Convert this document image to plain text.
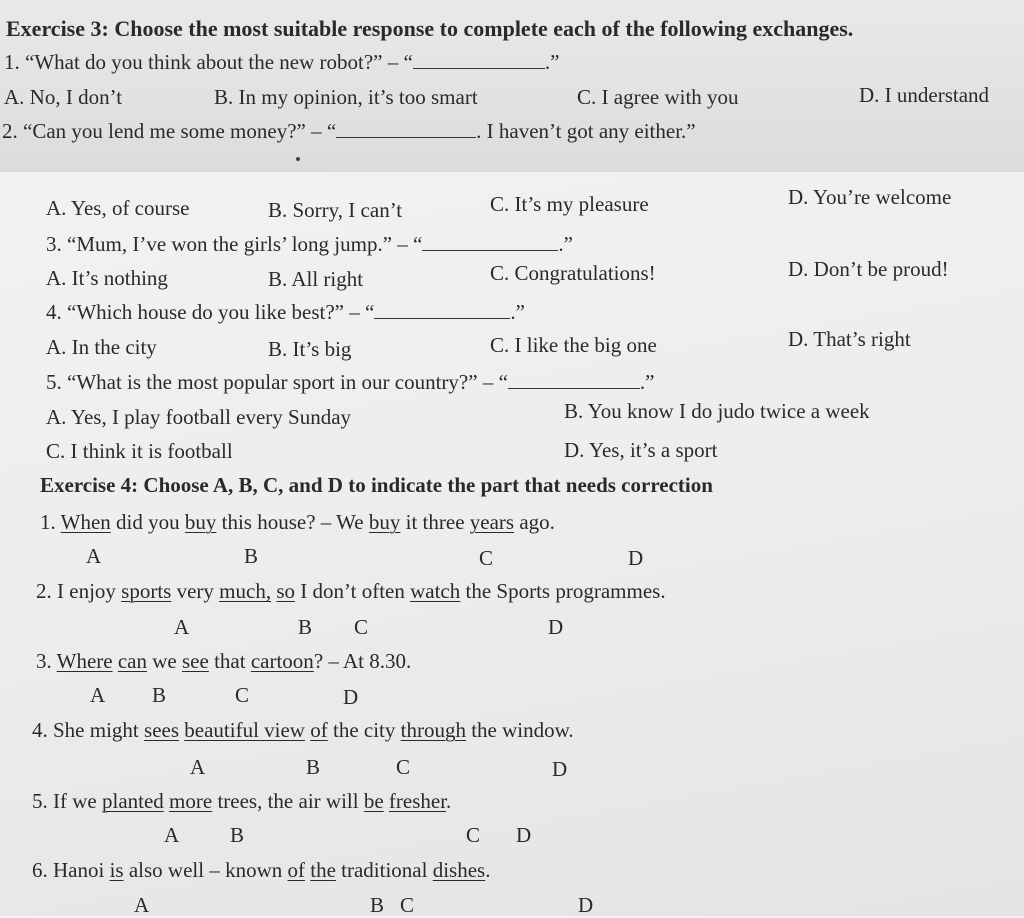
Exercise 3: Choose the most suitable response to complete each of the following exchanges.
1. “What do you think about the new robot?” – “	.”
A. No, I don’t	B. In my opinion, it’s too smart	C. I agree with you	D. I understand
2. “Can you lend me some money?” – “	. I haven’t got any either.”
A. Yes, of course	B. Sorry, I can’t	C. It’s my pleasure	D. You’re welcome
3. “Mum, I’ve won the girls’ long jump.” – “	.”
A. It’s nothing	B. All right	C. Congratulations!	D. Don’t be proud!
4. “Which house do you like best?” – “	.”
A. In the city	B. It’s big	C. I like the big one	D. That’s right
5. “What is the most popular sport in our country?” – “	.”
A. Yes, I play football every Sunday	B. You know I do judo twice a week
C. I think it is football	D. Yes, it’s a sport
Exercise 4: Choose A, B, C, and D to indicate the part that needs correction
1. When did you buy this house? – We buy it three years ago.
A	B	C	D
2. I enjoy sports very much, so I don’t often watch the Sports programmes.
A	B C	D
3. Where can we see that cartoon? – At 8.30.
A B	C	D
4. She might sees beautiful view of the city through the window.
A	B	C	D
5. If we planted more trees, the air will be fresher.
A B	C D
6. Hanoi is also well – known of the traditional dishes.
A	B C	D
